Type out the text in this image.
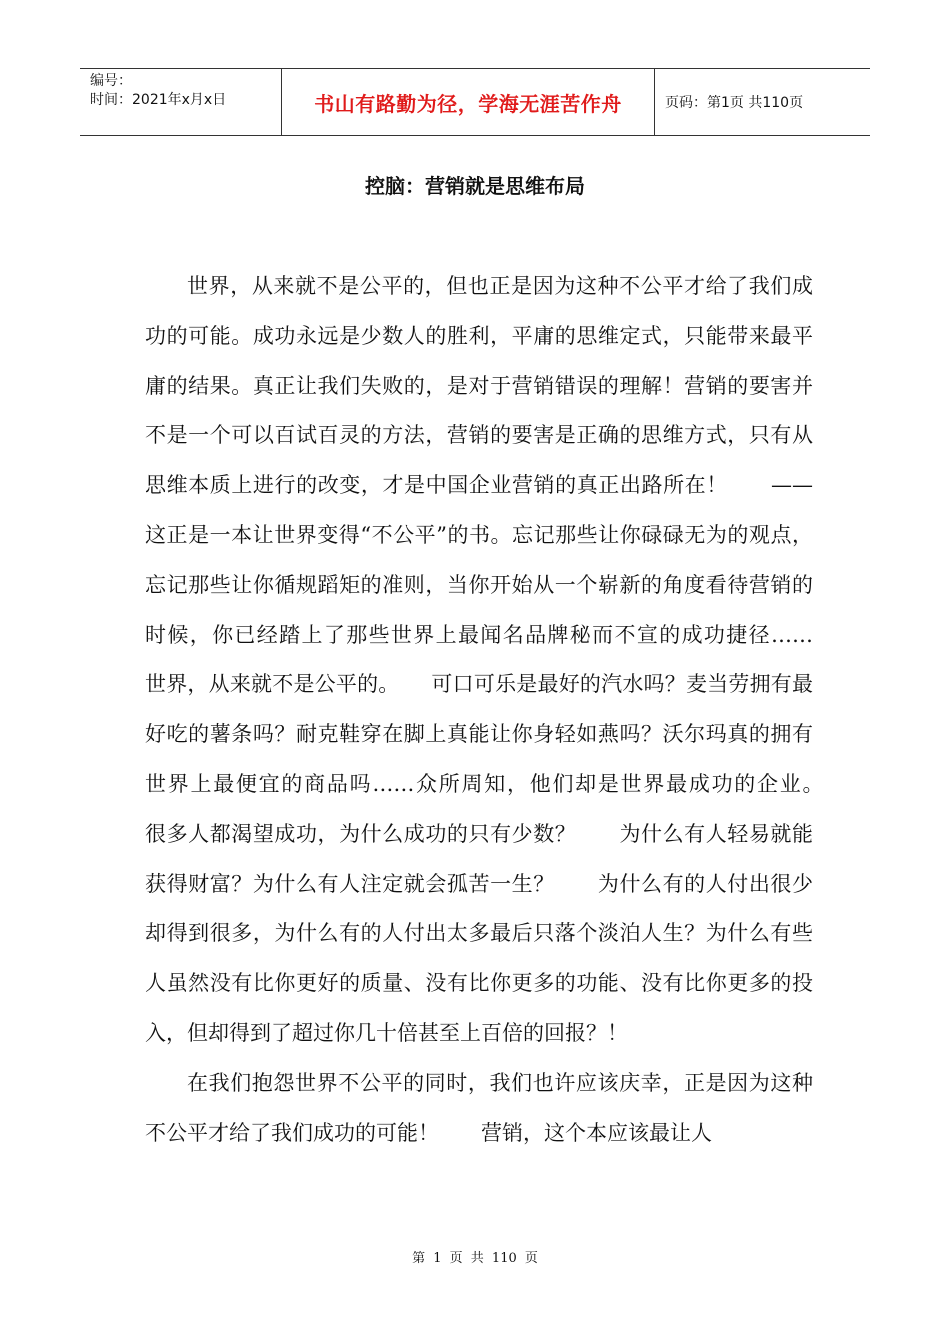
编号：
时间：2021年x月x日	书山有路勤为径，学海无涯苦作舟	页码：第1页 共110页
控脑：营销就是思维布局

世界，从来就不是公平的，但也正是因为这种不公平才给了我们成功的可能。成功永远是少数人的胜利，平庸的思维定式，只能带来最平庸的结果。真正让我们失败的，是对于营销错误的理解！营销的要害并不是一个可以百试百灵的方法，营销的要害是正确的思维方式，只有从思维本质上进行的改变，才是中国企业营销的真正出路所在！　　——这正是一本让世界变得“不公平”的书。忘记那些让你碌碌无为的观点，忘记那些让你循规蹈矩的准则，当你开始从一个崭新的角度看待营销的时候，你已经踏上了那些世界上最闻名品牌秘而不宣的成功捷径……　　世界，从来就不是公平的。　　可口可乐是最好的汽水吗？麦当劳拥有最好吃的薯条吗？耐克鞋穿在脚上真能让你身轻如燕吗？沃尔玛真的拥有世界上最便宜的商品吗……众所周知，他们却是世界最成功的企业。　　很多人都渴望成功，为什么成功的只有少数？　　为什么有人轻易就能获得财富？为什么有人注定就会孤苦一生？　　为什么有的人付出很少却得到很多，为什么有的人付出太多最后只落个淡泊人生？为什么有些人虽然没有比你更好的质量、没有比你更多的功能、没有比你更多的投入，但却得到了超过你几十倍甚至上百倍的回报？！

在我们抱怨世界不公平的同时，我们也许应该庆幸，正是因为这种不公平才给了我们成功的可能！　　营销，这个本应该最让人

第 1 页 共 110 页
